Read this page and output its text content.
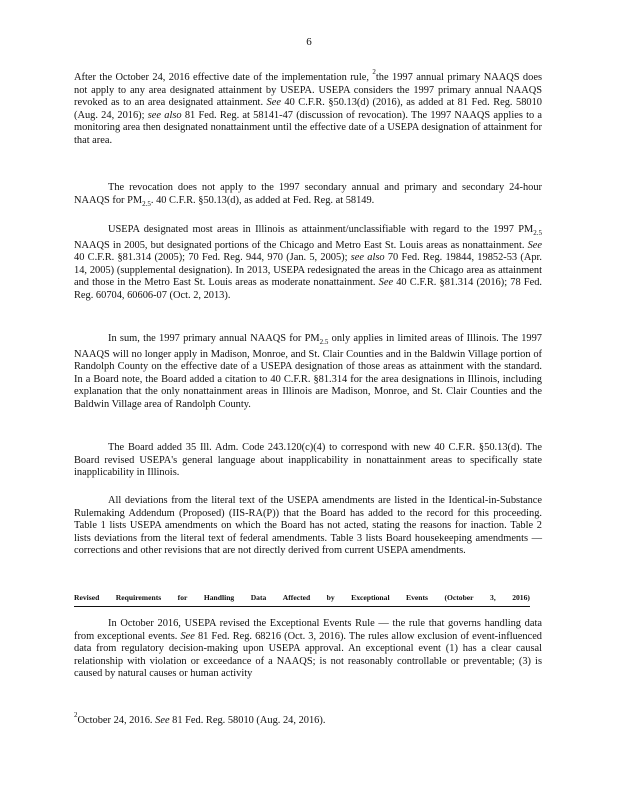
6

After the October 24, 2016 effective date of the implementation rule, $^2$the 1997 annual primary NAAQS does not apply to any area designated attainment by USEPA. USEPA considers the 1997 primary annual NAAQS revoked as to an area designated attainment. See 40 C.F.R. §50.13(d) (2016), as added at 81 Fed. Reg. 58010 (Aug. 24, 2016); see also 81 Fed. Reg. at 58141-47 (discussion of revocation). The 1997 NAAQS applies to a monitoring area then designated nonattainment until the effective date of a USEPA designation of attainment for that area.

The revocation does not apply to the 1997 secondary annual and primary and secondary 24-hour NAAQS for $PM_{2.5}$. 40 C.F.R. §50.13(d), as added at Fed. Reg. at 58149.

USEPA designated most areas in Illinois as attainment/unclassifiable with regard to the 1997 $PM_{2.5}$ NAAQS in 2005, but designated portions of the Chicago and Metro East St. Louis areas as nonattainment. See 40 C.F.R. §81.314 (2005); 70 Fed. Reg. 944, 970 (Jan. 5, 2005); see also 70 Fed. Reg. 19844, 19852-53 (Apr. 14, 2005) (supplemental designation). In 2013, USEPA redesignated the areas in the Chicago area as attainment and those in the Metro East St. Louis areas as moderate nonattainment. See 40 C.F.R. §81.314 (2016); 78 Fed. Reg. 60704, 60606-07 (Oct. 2, 2013).

In sum, the 1997 primary annual NAAQS for $PM_{2.5}$ only applies in limited areas of Illinois. The 1997 NAAQS will no longer apply in Madison, Monroe, and St. Clair Counties and in the Baldwin Village portion of Randolph County on the effective date of a USEPA designation of those areas as attainment with the standard. In a Board note, the Board added a citation to 40 C.F.R. §81.314 for the area designations in Illinois, including explanation that the only nonattainment areas in Illinois are Madison, Monroe, and St. Clair Counties and the Baldwin Village area of Randolph County.

The Board added 35 Ill. Adm. Code 243.120(c)(4) to correspond with new 40 C.F.R. §50.13(d). The Board revised USEPA's general language about inapplicability in nonattainment areas to specifically state inapplicability in Illinois.

All deviations from the literal text of the USEPA amendments are listed in the Identical-in-Substance Rulemaking Addendum (Proposed) (IIS-RA(P)) that the Board has added to the record for this proceeding. Table 1 lists USEPA amendments on which the Board has not acted, stating the reasons for inaction. Table 2 lists deviations from the literal text of federal amendments. Table 3 lists Board housekeeping amendments — corrections and other revisions that are not directly derived from current USEPA amendments.

Revised Requirements for Handling Data Affected by Exceptional Events (October 3, 2016)

In October 2016, USEPA revised the Exceptional Events Rule — the rule that governs handling data from exceptional events. See 81 Fed. Reg. 68216 (Oct. 3, 2016). The rules allow exclusion of event-influenced data from regulatory decision-making upon USEPA approval. An exceptional event (1) has a clear causal relationship with violation or exceedance of a NAAQS; is not reasonably controllable or preventable; (3) is caused by natural causes or human activity

$^2$October 24, 2016. See 81 Fed. Reg. 58010 (Aug. 24, 2016).
